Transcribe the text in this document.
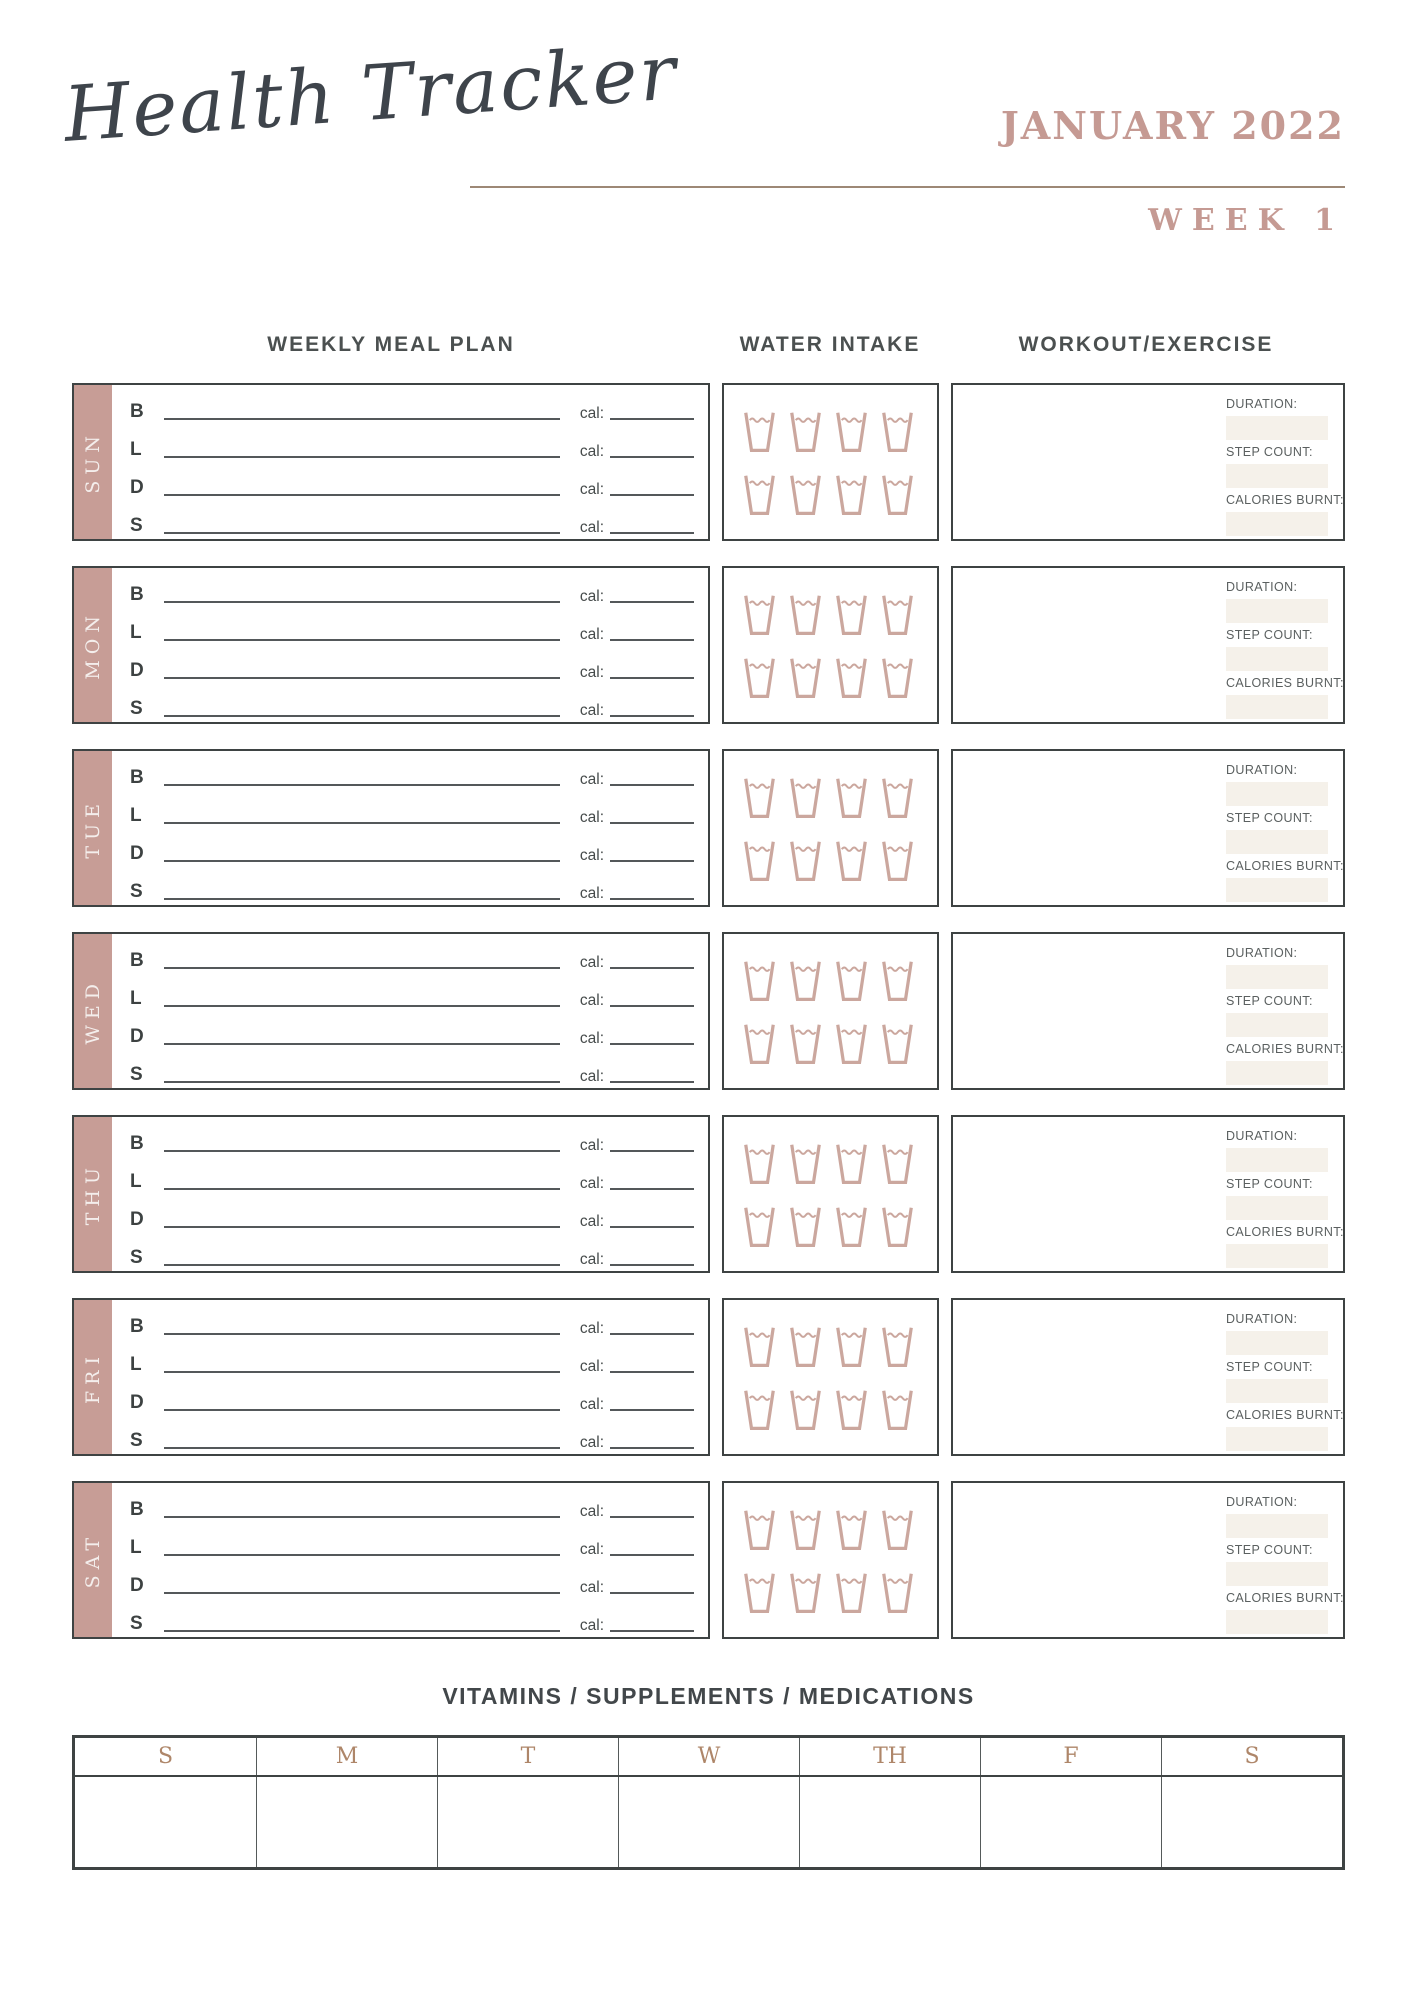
Health Tracker	JANUARY 2022
WEEK 1
WEEKLY MEAL PLAN	WATER INTAKE	WORKOUT/EXERCISE
SUN
B	cal:
L	cal:
D	cal:
S	cal:
DURATION:
STEP COUNT:
CALORIES BURNT:
MON
B	cal:
L	cal:
D	cal:
S	cal:
DURATION:
STEP COUNT:
CALORIES BURNT:
TUE
B	cal:
L	cal:
D	cal:
S	cal:
DURATION:
STEP COUNT:
CALORIES BURNT:
WED
B	cal:
L	cal:
D	cal:
S	cal:
DURATION:
STEP COUNT:
CALORIES BURNT:
THU
B	cal:
L	cal:
D	cal:
S	cal:
DURATION:
STEP COUNT:
CALORIES BURNT:
FRI
B	cal:
L	cal:
D	cal:
S	cal:
DURATION:
STEP COUNT:
CALORIES BURNT:
SAT
B	cal:
L	cal:
D	cal:
S	cal:
DURATION:
STEP COUNT:
CALORIES BURNT:
VITAMINS / SUPPLEMENTS / MEDICATIONS
S	M	T	W	TH	F	S
